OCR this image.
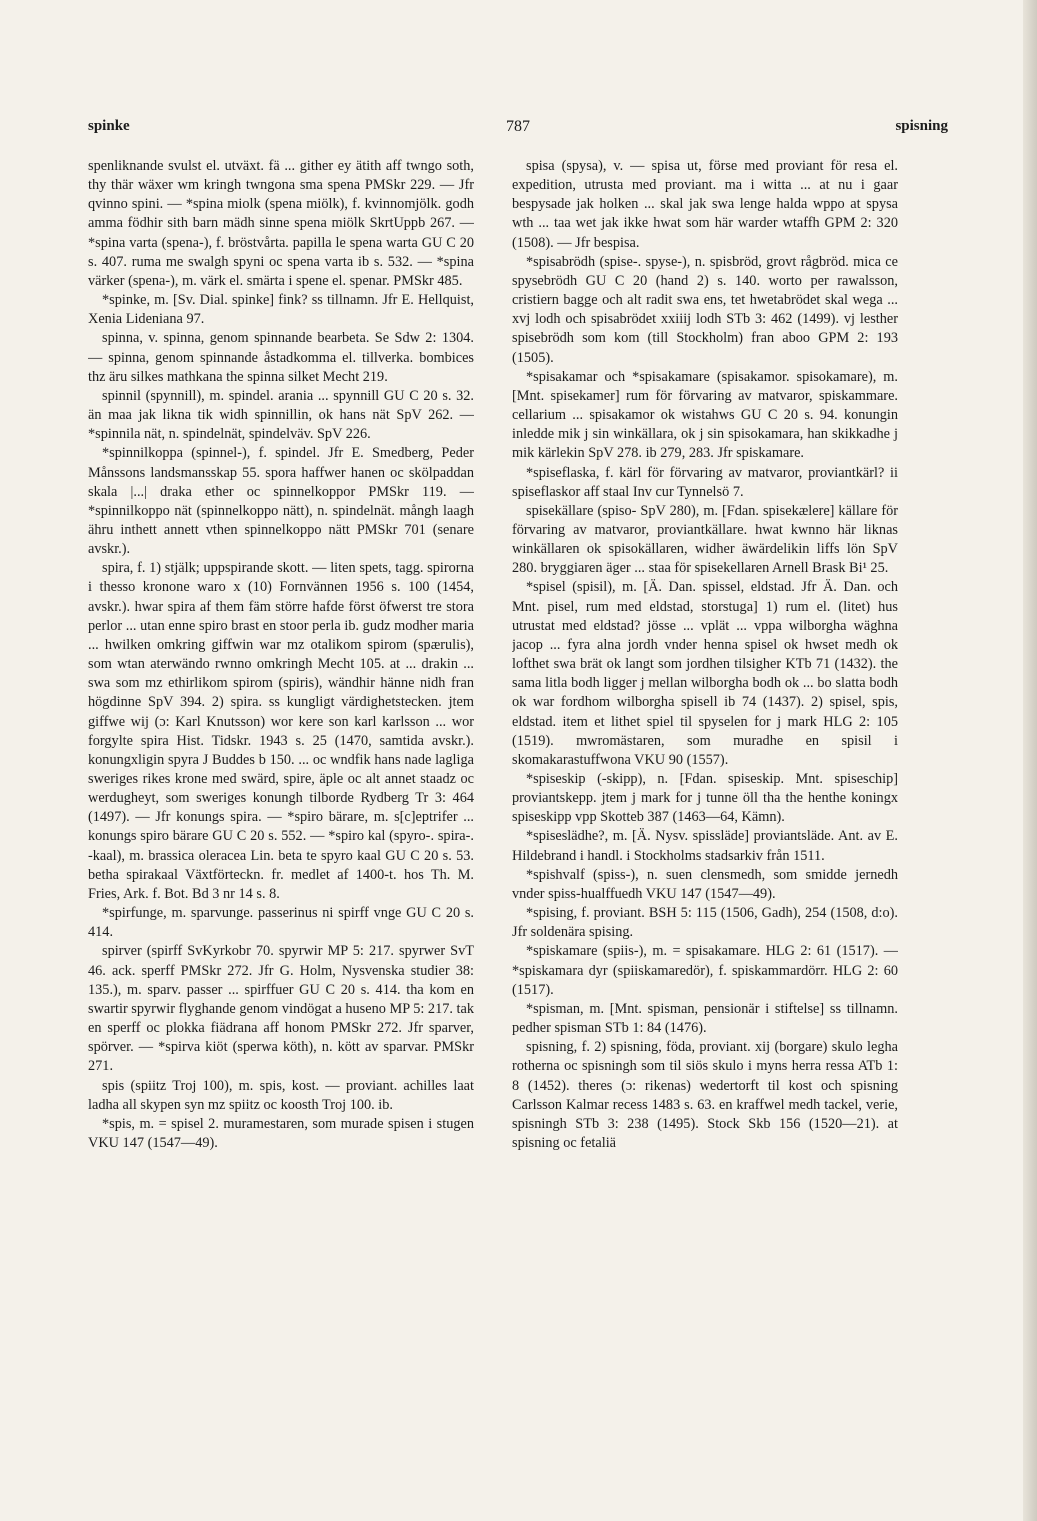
787
spinke	spisning

spenliknande svulst el. utväxt. fä ... gither ey ätith aff twngo soth, thy thär wäxer wm kringh twngona sma spena PMSkr 229. — Jfr qvinno spini. — *spina miolk (spena miölk), f. kvinnomjölk. godh amma födhir sith barn mädh sinne spena miölk SkrtUppb 267. — *spina varta (spena-), f. bröstvårta. papilla le spena warta GU C 20 s. 407. ruma me swalgh spyni oc spena varta ib s. 532. — *spina värker (spena-), m. värk el. smärta i spene el. spenar. PMSkr 485.

*spinke, m. [Sv. Dial. spinke] fink? ss tillnamn. Jfr E. Hellquist, Xenia Lideniana 97.

spinna, v. spinna, genom spinnande bearbeta. Se Sdw 2: 1304. — spinna, genom spinnande åstadkomma el. tillverka. bombices thz äru silkes mathkana the spinna silket Mecht 219.

spinnil (spynnill), m. spindel. arania ... spynnill GU C 20 s. 32. än maa jak likna tik widh spinnillin, ok hans nät SpV 262. — *spinnila nät, n. spindelnät, spindelväv. SpV 226.

*spinnilkoppa (spinnel-), f. spindel. Jfr E. Smedberg, Peder Månssons landsmansskap 55. spora haffwer hanen oc skölpaddan skala |...| draka ether oc spinnelkoppor PMSkr 119. — *spinnilkoppo nät (spinnelkoppo nätt), n. spindelnät. mångh laagh ähru inthett annett vthen spinnelkoppo nätt PMSkr 701 (senare avskr.).

spira, f. 1) stjälk; uppspirande skott. — liten spets, tagg. spirorna i thesso kronone waro x (10) Fornvännen 1956 s. 100 (1454, avskr.). hwar spira af them fäm störrе hafde först öfwerst tre stora perlor ... utan enne spiro brast en stoor perla ib. gudz modher maria ... hwilken omkring giffwin war mz otalikom spirom (spærulis), som wtan aterwändo rwnno omkringh Mecht 105. at ... drakin ... swa som mz ethirlikom spirom (spiris), wändhir hänne nidh fran högdinne SpV 394. 2) spira. ss kungligt värdighetstecken. jtem giffwe wij (ɔ: Karl Knutsson) wor kere son karl karlsson ... wor forgylte spira Hist. Tidskr. 1943 s. 25 (1470, samtida avskr.). konungxligin spyra J Buddes b 150. ... oc wndfik hans nade lagliga sweriges rikes krone med swärd, spire, äple oc alt annet staadz oc werdugheyt, som sweriges konungh tilborde Rydberg Tr 3: 464 (1497). — Jfr konungs spira. — *spiro bärare, m. s[c]eptrifer ... konungs spiro bärare GU C 20 s. 552. — *spiro kal (spyro-. spira-. -kaal), m. brassica oleracea Lin. beta te spyro kaal GU C 20 s. 53. betha spirakaal Växtförteckn. fr. medlet af 1400-t. hos Th. M. Fries, Ark. f. Bot. Bd 3 nr 14 s. 8.

*spirfunge, m. sparvunge. passerinus ni spirff vnge GU C 20 s. 414.

spirver (spirff SvKyrkobr 70. spyrwir MP 5: 217. spyrwer SvT 46. ack. sperff PMSkr 272. Jfr G. Holm, Nysvenska studier 38: 135.), m. sparv. passer ... spirffuer GU C 20 s. 414. tha kom en swartir spyrwir flyghande genom vindögat a huseno MP 5: 217. tak en sperff oc plokka fiädrana aff honom PMSkr 272. Jfr sparver, spörver. — *spirva kiöt (sperwa köth), n. kött av sparvar. PMSkr 271.

spis (spiitz Troj 100), m. spis, kost. — proviant. achilles laat ladha all skypen syn mz spiitz oc koosth Troj 100. ib.

*spis, m. = spisel 2. muramestaren, som murade spisen i stugen VKU 147 (1547—49).

spisa (spysa), v. — spisa ut, förse med proviant för resa el. expedition, utrusta med proviant. ma i witta ... at nu i gaar bespysade jak holken ... skal jak swa lenge halda wppo at spysa wth ... taa wet jak ikke hwat som här warder wtaffh GPM 2: 320 (1508). — Jfr bespisa.

*spisabrödh (spise-. spyse-), n. spisbröd, grovt rågbröd. mica ce spysebrödh GU C 20 (hand 2) s. 140. worto per rawalsson, cristiern bagge och alt radit swa ens, tet hwetabrödet skal wega ... xvj lodh och spisabrödet xxiiij lodh STb 3: 462 (1499). vj lesther spisebrödh som kom (till Stockholm) fran aboo GPM 2: 193 (1505).

*spisakamar och *spisakamare (spisakamor. spisokamare), m. [Mnt. spisekamer] rum för förvaring av matvaror, spiskammare. cellarium ... spisakamor ok wistahws GU C 20 s. 94. konungin inledde mik j sin winkällara, ok j sin spisokamara, han skikkadhe j mik kärlekin SpV 278. ib 279, 283. Jfr spiskamare.

*spiseflaska, f. kärl för förvaring av matvaror, proviantkärl? ii spiseflaskor aff staal Inv cur Tynnelsö 7.

spisekällare (spiso- SpV 280), m. [Fdan. spisekælere] källare för förvaring av matvaror, proviantkällare. hwat kwnno här liknas winkällaren ok spisokällaren, widher äwärdelikin liffs lön SpV 280. bryggiaren äger ... staa för spisekellaren Arnell Brask Bi¹ 25.

*spisel (spisil), m. [Ä. Dan. spissel, eldstad. Jfr Ä. Dan. och Mnt. pisel, rum med eldstad, storstuga] 1) rum el. (litet) hus utrustat med eldstad? jösse ... vplät ... vppa wilborgha wäghna jacop ... fyra alna jordh vnder henna spisel ok hwset medh ok lofthet swa brät ok langt som jordhen tilsigher KTb 71 (1432). the sama litla bodh ligger j mellan wilborgha bodh ok ... bo slatta bodh ok war fordhom wilborgha spisell ib 74 (1437). 2) spisel, spis, eldstad. item et lithet spiel til spyselen for j mark HLG 2: 105 (1519). mwromästaren, som muradhe en spisil i skomakarastuffwona VKU 90 (1557).

*spiseskip (-skipp), n. [Fdan. spiseskip. Mnt. spiseschip] proviantskepp. jtem j mark for j tunne öll tha the henthe koningx spiseskipp vpp Skotteb 387 (1463—64, Kämn).

*spiseslädhe?, m. [Ä. Nysv. spissläde] proviantsläde. Ant. av E. Hildebrand i handl. i Stockholms stadsarkiv från 1511.

*spishvalf (spiss-), n. suen clensmedh, som smidde jernedh vnder spiss-hualffuedh VKU 147 (1547—49).

*spising, f. proviant. BSH 5: 115 (1506, Gadh), 254 (1508, d:o). Jfr soldenära spising.

*spiskamare (spiis-), m. = spisakamare. HLG 2: 61 (1517). — *spiskamara dyr (spiiskamaredör), f. spiskammardörr. HLG 2: 60 (1517).

*spisman, m. [Mnt. spisman, pensionär i stiftelse] ss tillnamn. pedher spisman STb 1: 84 (1476).

spisning, f. 2) spisning, föda, proviant. xij (borgare) skulo legha rotherna oc spisningh som til siös skulo i myns herra ressa ATb 1: 8 (1452). theres (ɔ: rikenas) wedertorft til kost och spisning Carlsson Kalmar recess 1483 s. 63. en kraffwel medh tackel, verie, spisningh STb 3: 238 (1495). Stock Skb 156 (1520—21). at spisning oc fetaliä
